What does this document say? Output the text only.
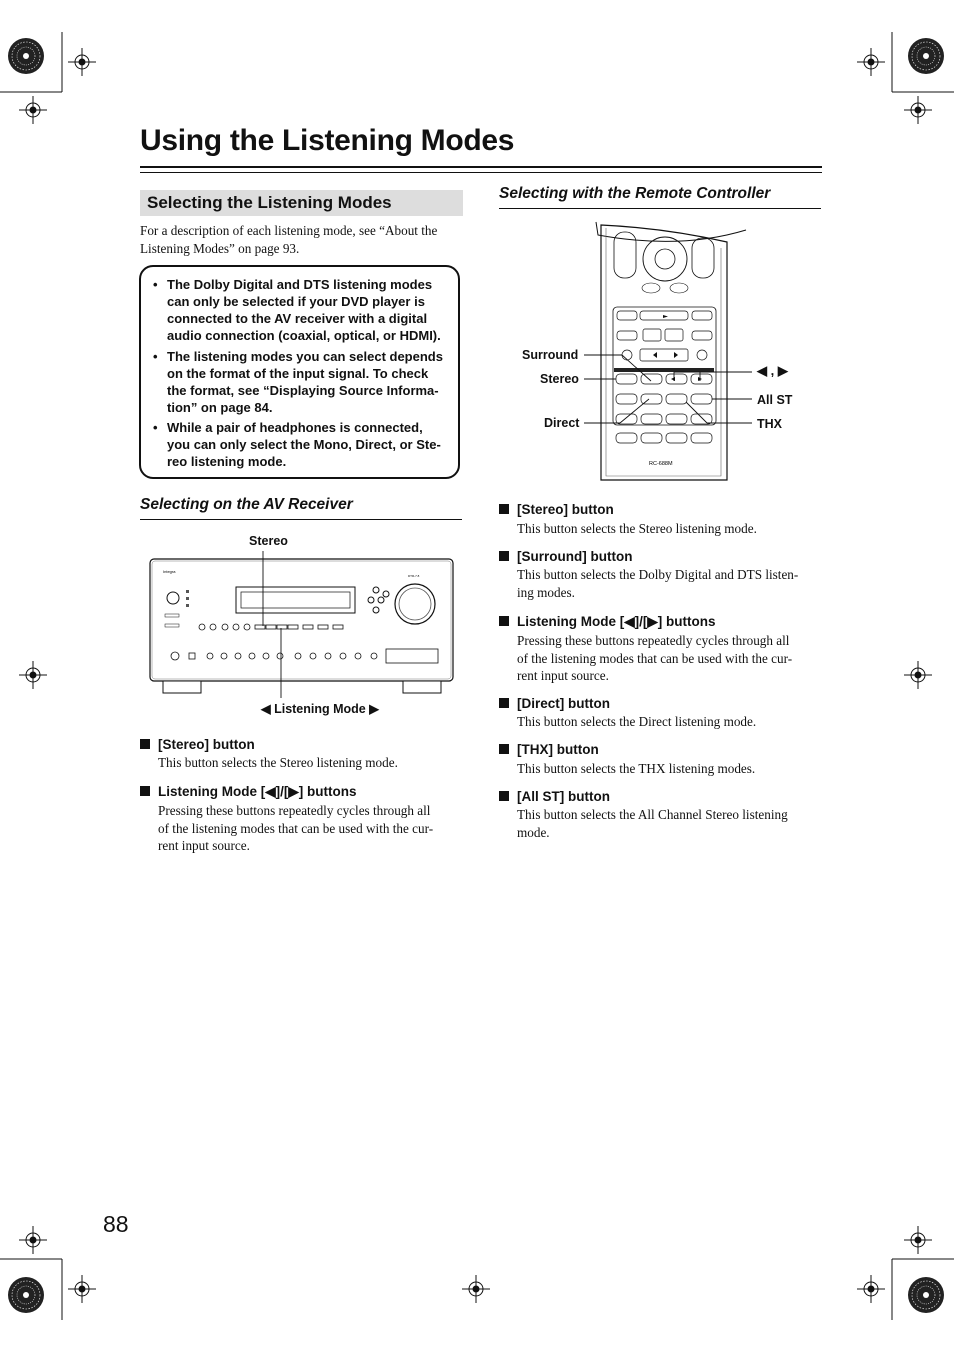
Using the Listening Modes
Selecting the Listening Modes
For a description of each listening mode, see “About the
Listening Modes” on page 93.
• The Dolby Digital and DTS listening modes
can only be selected if your DVD player is
connected to the AV receiver with a digital
audio connection (coaxial, optical, or HDMI).
• The listening modes you can select depends
on the format of the input signal. To check
the format, see “Displaying Source Informa-
tion” on page 84.
• While a pair of headphones is connected,
you can only select the Mono, Direct, or Ste-
reo listening mode.
Selecting on the AV Receiver
Integra
DTR-7.8
Stereo
◀ Listening Mode ▶
[Stereo] button
This button selects the Stereo listening mode.
Listening Mode [◀]/[▶] buttons
Pressing these buttons repeatedly cycles through all
of the listening modes that can be used with the cur-
rent input source.
Selecting with the Remote Controller
RC-688M
Surround
Stereo
Direct
◀ , ▶
All ST
THX
[Stereo] button
This button selects the Stereo listening mode.
[Surround] button
This button selects the Dolby Digital and DTS listen-
ing modes.
Listening Mode [◀]/[▶] buttons
Pressing these buttons repeatedly cycles through all
of the listening modes that can be used with the cur-
rent input source.
[Direct] button
This button selects the Direct listening mode.
[THX] button
This button selects the THX listening modes.
[All ST] button
This button selects the All Channel Stereo listening
mode.
88
